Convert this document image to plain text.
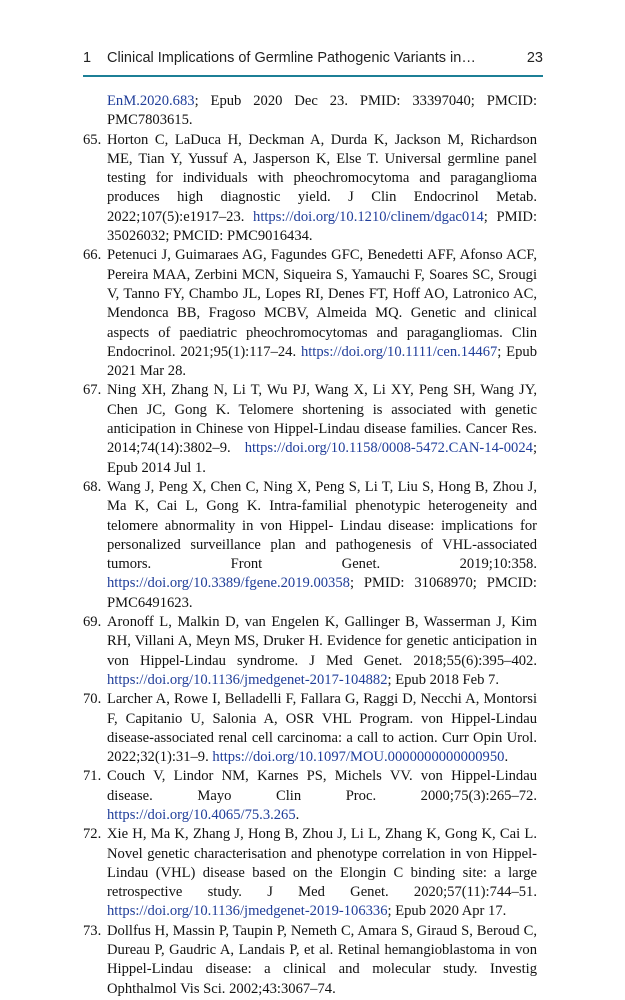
1 Clinical Implications of Germline Pathogenic Variants in…	23
EnM.2020.683; Epub 2020 Dec 23. PMID: 33397040; PMCID: PMC7803615.
65. Horton C, LaDuca H, Deckman A, Durda K, Jackson M, Richardson ME, Tian Y, Yussuf A, Jasperson K, Else T. Universal germline panel testing for individuals with pheochromocytoma and paraganglioma produces high diagnostic yield. J Clin Endocrinol Metab. 2022;107(5):e1917–23. https://doi.org/10.1210/clinem/dgac014; PMID: 35026032; PMCID: PMC9016434.
66. Petenuci J, Guimaraes AG, Fagundes GFC, Benedetti AFF, Afonso ACF, Pereira MAA, Zerbini MCN, Siqueira S, Yamauchi F, Soares SC, Srougi V, Tanno FY, Chambo JL, Lopes RI, Denes FT, Hoff AO, Latronico AC, Mendonca BB, Fragoso MCBV, Almeida MQ. Genetic and clinical aspects of paediatric pheochromocytomas and paragangliomas. Clin Endocrinol. 2021;95(1):117–24. https://doi.org/10.1111/cen.14467; Epub 2021 Mar 28.
67. Ning XH, Zhang N, Li T, Wu PJ, Wang X, Li XY, Peng SH, Wang JY, Chen JC, Gong K. Telomere shortening is associated with genetic anticipation in Chinese von Hippel-Lindau disease families. Cancer Res. 2014;74(14):3802–9. https://doi.org/10.1158/0008-5472.CAN-14-0024; Epub 2014 Jul 1.
68. Wang J, Peng X, Chen C, Ning X, Peng S, Li T, Liu S, Hong B, Zhou J, Ma K, Cai L, Gong K. Intra-familial phenotypic heterogeneity and telomere abnormality in von Hippel- Lindau disease: implications for personalized surveillance plan and pathogenesis of VHL-associated tumors. Front Genet. 2019;10:358. https://doi.org/10.3389/fgene.2019.00358; PMID: 31068970; PMCID: PMC6491623.
69. Aronoff L, Malkin D, van Engelen K, Gallinger B, Wasserman J, Kim RH, Villani A, Meyn MS, Druker H. Evidence for genetic anticipation in von Hippel-Lindau syndrome. J Med Genet. 2018;55(6):395–402. https://doi.org/10.1136/jmedgenet-2017-104882; Epub 2018 Feb 7.
70. Larcher A, Rowe I, Belladelli F, Fallara G, Raggi D, Necchi A, Montorsi F, Capitanio U, Salonia A, OSR VHL Program. von Hippel-Lindau disease-associated renal cell carcinoma: a call to action. Curr Opin Urol. 2022;32(1):31–9. https://doi.org/10.1097/MOU.0000000000000950.
71. Couch V, Lindor NM, Karnes PS, Michels VV. von Hippel-Lindau disease. Mayo Clin Proc. 2000;75(3):265–72. https://doi.org/10.4065/75.3.265.
72. Xie H, Ma K, Zhang J, Hong B, Zhou J, Li L, Zhang K, Gong K, Cai L. Novel genetic characterisation and phenotype correlation in von Hippel-Lindau (VHL) disease based on the Elongin C binding site: a large retrospective study. J Med Genet. 2020;57(11):744–51. https://doi.org/10.1136/jmedgenet-2019-106336; Epub 2020 Apr 17.
73. Dollfus H, Massin P, Taupin P, Nemeth C, Amara S, Giraud S, Beroud C, Dureau P, Gaudric A, Landais P, et al. Retinal hemangioblastoma in von Hippel-Lindau disease: a clinical and molecular study. Investig Ophthalmol Vis Sci. 2002;43:3067–74.
